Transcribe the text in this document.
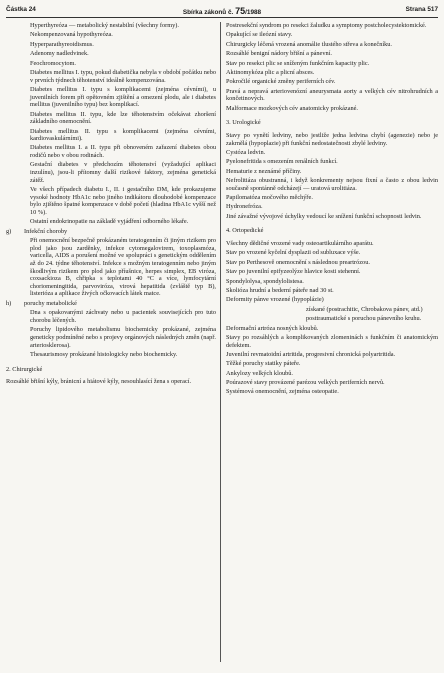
Částka 24	Sbírka zákonů č. 75/1988	Strana 517

Hyperthyreóza — metabolický nestabilní (všechny formy).

Nekompenzovaná hypothyreóza.

Hyperparathyreoidismus.

Adenomy nadledvinek.

Feochromocytom.

Diabetes mellitus I. typu, pokud diabetička nebyla v období počátku nebo v prvních týdnech těhotenství ideálně kompenzována.

Diabetes mellitus I. typu s komplikacemi (zejména cévními), u juvenilních forem při opětovném zjištění a omezení plodu, ale i diabetes mellitus (juvenilního typu) bez komplikací.

Diabetes mellitus II. typu, kde lze těhotenstvím očekávat zhoršení základního onemocnění.

Diabetes mellitus II. typu s komplikacemi (zejména cévními, kardiovaskulárními).

Diabetes mellitus I. a II. typu při obnoveném zařazení diabetes obou rodičů nebo v obou rodinách.

Gestační diabetes v předchozím těhotenství (vyžadující aplikaci inzulínu), jsou-li přítomny další rizikové faktory, zejména genetická zátěž.

Ve všech případech diabetu I., II. i gestačního DM, kde prokazujeme vysoké hodnoty HbA1c nebo jiného indikátoru dlouhodobé kompenzace bylo zjištěno špatné kompenzace v době početí (hladina HbA1c vyšší než 10 %).

Ostatní endokrinopatie na základě vyjádření odborného lékaře.

g) Infekční choroby

Při onemocnění bezpečně prokázaném teratogenním či jiným rizikem pro plod jako jsou zarděnky, infekce cytomegalovirem, toxoplasmóza, varicella, AIDS a porušení možné ve spolupráci s genetickým oddělením až do 24. týdne těhotenství. Infekce s možným teratogenním nebo jiným škodlivým rizikem pro plod jako příušnice, herpes simplex, EB viróza, coxsackioza B, chřipka s teplotami 40 °C a více, lymfocytární choriomeningitida, parvoviróza, virová hepatitida (zvláště typ B), listerióza a aplikace živých očkovacích látek matce.

h) poruchy metabolické

Dna s opakovanými záchvaty nebo u pacientek souvisejících pro tuto chorobu léčených.

Poruchy lipidového metabolismu biochemicky prokázané, zejména geneticky podmíněné nebo s projevy orgánových následných změn (např. arteriosklerosa).

Thesaurismosy prokázané histologicky nebo biochemicky.

2. Chirurgické

Rozsáhlé břišní kýly, bránicní a hiátové kýly, nesouhlasící žena s operací.

Postresekční syndrom po resekci žaludku a symptomy postcholecystektomické.

Opakující se ileózní stavy.

Chirurgicky léčená vrozená anomálie tlustého střeva a konečníku.

Rozsáhlé benigní nádory břišní a pánevní.

Stav po resekci plic se sníženým funkčním kapacity plic.

Aktinomykóza plic a plicní absces.

Pokročilé organické změny periferních cév.

Pravá a nepravá arteriovenózní aneurysmata aorty a velkých cév nitrohrudních a končetinových.

Malformace mozkových cév anatomicky prokázané.

3. Urologické

Stavy po vynětí ledviny, nebo jestliže jedna ledvina chybí (agenezie) nebo je zakrnělá (hypoplazie) při funkční nedostatečnosti zbylé ledviny.

Cystóza ledvin.

Pyelonefritida s omezením renálních funkcí.

Hematurie z neznámé příčiny.

Nefrolitiáza obustranná, i když konkrementy nejsou fixní a často z obou ledvin současně spontánně odcházejí — uratová urolitiáza.

Papilomatóza močového měchýře.

Hydronefróza.

Jiné závažné vývojové úchylky vedoucí ke snížení funkční schopnosti ledvin.

4. Ortopedické

Všechny dědičné vrozené vady osteoartikulárního aparátu.

Stav po vrozené kyčelní dysplazii od subluxace výše.

Stav po Perthesově onemocnění s následnou preartrózou.

Stav po juvenilní epifyzeolýze hlavice kosti stehenní.

Spondylolysa, spondylolistesa.

Skolióza hrudní a bederní páteře nad 30 st.

Deformity pánve vrozené (hypoplázie)

získané (postrachitic, Chrobakova pánev, atd.)

posttraumatické s poruchou pánevního kruhu.

Deformační artróza nosných kloubů.

Stavy po rozsáhlých a komplikovaných zlomeninách s funkčním či anatomickým defektem.

Juvenilní revmatoidní artritida, progresivní chronická polyartritida.

Těžké poruchy statiky páteře.

Ankylozy velkých kloubů.

Poúrazové stavy provázené parézou velkých periferních nervů.

Systémová onemocnění, zejména osteopatie.
